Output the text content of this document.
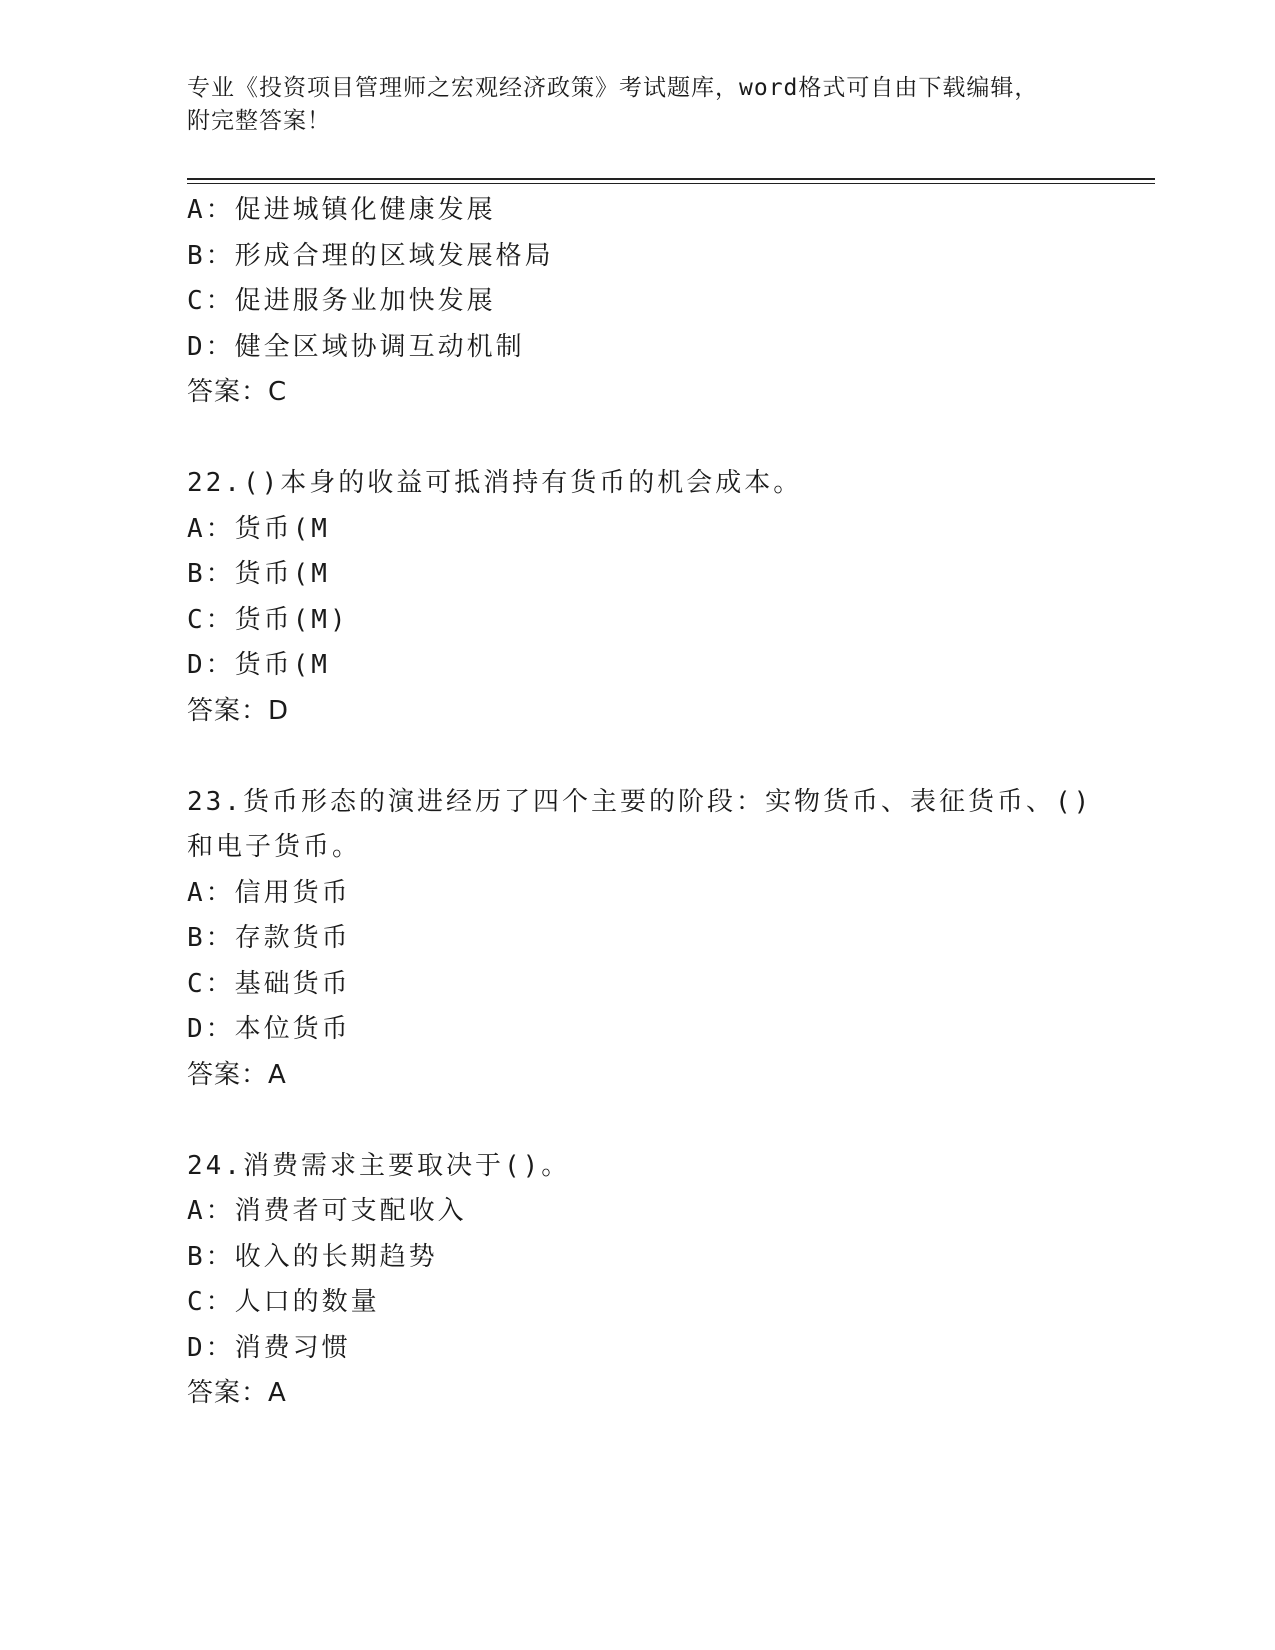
专业《投资项目管理师之宏观经济政策》考试题库，word格式可自由下载编辑，
附完整答案！
A：促进城镇化健康发展
B：形成合理的区域发展格局
C：促进服务业加快发展
D：健全区域协调互动机制
答案：C
22.()本身的收益可抵消持有货币的机会成本。
A：货币(M
B：货币(M
C：货币(M)
D：货币(M
答案：D
23.货币形态的演进经历了四个主要的阶段：实物货币、表征货币、()
和电子货币。
A：信用货币
B：存款货币
C：基础货币
D：本位货币
答案：A
24.消费需求主要取决于()。
A：消费者可支配收入
B：收入的长期趋势
C：人口的数量
D：消费习惯
答案：A
